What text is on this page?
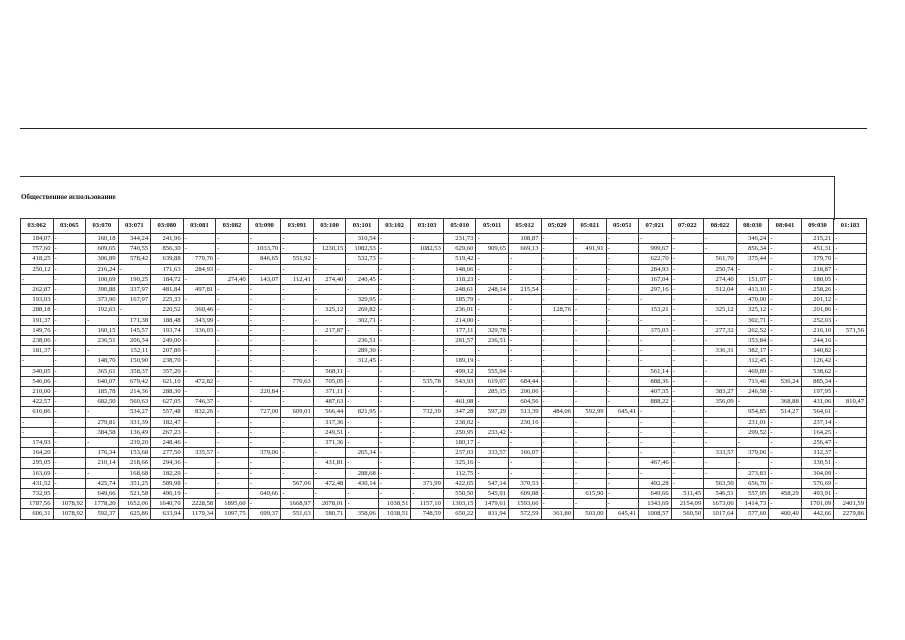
Общественное использование
03:062	03:065	03:070	03:071	03:080	03:081	03:082	03:090	03:091	03:100	03:101	03:102	03:103	05:010	05:011	05:012	05:020	05:021	05:051	07:021	07:022	08:022	08:030	08:041	09:030	01:183
184,07	-	160,18	344,24	241,96	-	-	-	-	-	310,54	-	-	231,73	-	108,87	-	-	-	-	-	-	346,24	-	215,21	-
757,60	-	609,65	740,55	856,30	-	-	1033,70	-	1230,15	1082,53	-	1082,53	629,60	909,65	669,13	-	491,91	-	999,67	-	-	856,34	-	451,31	-
418,25	-	306,89	578,42	639,88	779,76	-	846,65	551,92	-	532,73	-	-	519,42	-	-	-	-	-	622,70	-	561,70	375,44	-	379,70	-
250,12	-	216,24	-	171,63	284,93	-	-	-	-	-	-	-	148,66	-	-	-	-	-	284,93	-	250,74	-	-	218,87	-
-	-	100,69	190,25	184,72	-	274,40	143,07	112,41	274,40	240,45	-	-	118,23	-	-	-	-	-	167,04	-	274,40	151,07	-	180,05	-
262,87	-	390,88	337,97	481,84	497,81	-	-	-	-	-	-	-	248,61	248,14	215,54	-	-	-	297,16	-	512,04	413,10	-	258,26	-
193,03	-	373,90	167,97	225,33	-	-	-	-	-	329,95	-	-	185,79	-	-	-	-	-	-	-	-	470,00	-	201,12	-
288,18	-	192,63	-	220,52	360,46	-	-	-	325,12	269,82	-	-	236,01	-	-	128,76	-	-	153,21	-	325,12	325,12	-	201,86	-
191,37	-	-	171,38	188,48	343,99	-	-	-	-	302,71	-	-	214,00	-	-	-	-	-	-	-	-	302,71	-	252,03	-
149,76	-	160,15	145,57	193,74	336,03	-	-	-	217,87	-	-	-	177,11	329,78	-	-	-	-	375,03	-	277,32	262,52	-	216,10	571,56
238,06	-	236,51	206,34	249,00	-	-	-	-	-	236,51	-	-	281,57	236,51	-	-	-	-	-	-	-	353,84	-	244,16	-
181,37	-	-	152,11	207,80	-	-	-	-	-	289,30	-	-	-	-	-	-	-	-	-	-	336,31	382,17	-	340,82	-
-	-	148,70	150,90	238,70	-	-	-	-	-	312,45	-	-	189,19	-	-	-	-	-	-	-	-	312,45	-	126,42	-
340,05	-	365,61	358,37	357,20	-	-	-	-	568,11	-	-	-	499,12	555,94	-	-	-	-	561,14	-	-	469,89	-	538,62	-
546,06	-	640,07	679,42	621,10	472,82	-	-	770,63	705,05	-	-	535,78	543,93	619,07	684,44	-	-	-	888,36	-	-	713,46	536,24	885,34	-
210,00	-	185,78	214,36	288,30	-	-	220,84	-	371,11	-	-	-	-	285,15	200,06	-	-	-	407,35	-	383,27	246,58	-	197,95	-
422,57	-	682,50	560,63	627,05	746,37	-	-	-	487,63	-	-	-	461,08	-	604,56	-	-	-	888,22	-	356,09	-	368,88	431,06	810,47
616,86	-	-	534,27	557,48	832,26	-	727,00	609,01	566,44	821,95	-	732,39	347,28	597,29	513,39	484,06	592,99	645,41	-	-	-	954,85	514,27	564,61	-
-	-	279,81	331,39	182,47	-	-	-	-	317,36	-	-	-	238,02	-	230,16	-	-	-	-	-	-	231,01	-	237,14	-
-	-	384,58	136,49	267,23	-	-	-	-	249,51	-	-	-	250,95	233,42	-	-	-	-	-	-	-	299,52	-	164,25	-
174,93	-	-	239,20	248,46	-	-	-	-	371,36	-	-	-	180,17	-	-	-	-	-	-	-	-	-	-	256,47	-
164,20	-	176,34	153,68	277,50	335,57	-	379,06	-	-	265,34	-	-	237,03	333,57	166,07	-	-	-	-	-	333,57	379,06	-	312,37	-
295,05	-	210,14	218,66	294,36	-	-	-	-	431,81	-	-	-	325,16	-	-	-	-	-	467,46	-	-	-	-	330,51	-
163,69	-	-	168,68	182,20	-	-	-	-	-	288,68	-	-	112,75	-	-	-	-	-	-	-	-	273,83	-	304,09	-
431,52	-	425,74	351,25	589,98	-	-	-	567,06	472,48	430,14	-	371,99	422,65	547,14	370,53	-	-	-	492,28	-	563,50	656,70	-	576,69	-
732,95	-	649,66	521,58	496,19	-	-	649,66	-	-	-	-	-	550,50	545,91	609,88	-	615,90	-	649,66	511,45	546,51	557,05	458,29	493,91	-
1787,56	1078,92	1778,20	1652,06	1640,70	2228,58	1895,60	-	1668,97	2078,01	-	1038,51	1157,10	1303,15	1479,61	1593,66	-	-	-	1343,69	2154,09	1673,06	1414,73	-	1701,09	2401,59
606,31	1078,92	592,37	625,86	633,94	1179,34	1097,75	699,37	551,63	580,71	358,06	1038,51	748,59	650,22	811,94	572,59	361,80	503,00	645,41	1008,57	560,50	1017,64	577,60	400,40	442,66	2279,86
